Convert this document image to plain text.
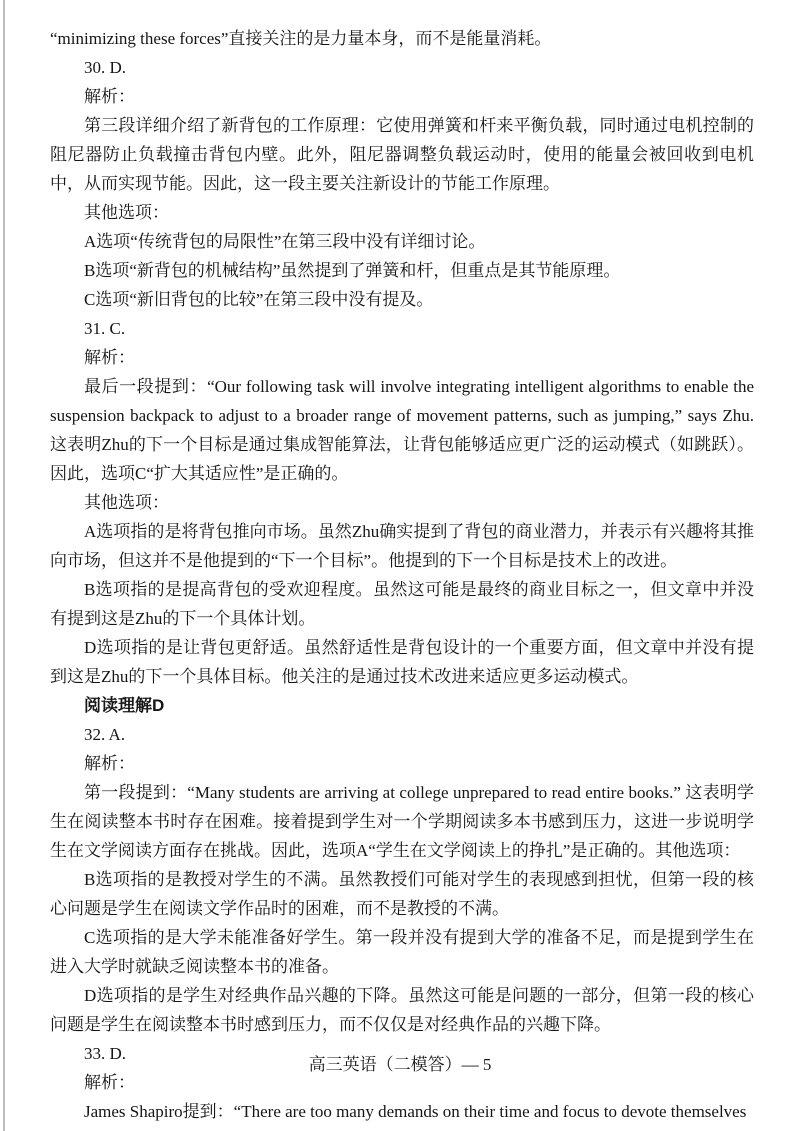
“minimizing these forces”直接关注的是力量本身，而不是能量消耗。

30. D.

解析：

第三段详细介绍了新背包的工作原理：它使用弹簧和杆来平衡负载，同时通过电机控制的阻尼器防止负载撞击背包内壁。此外，阻尼器调整负载运动时，使用的能量会被回收到电机中，从而实现节能。因此，这一段主要关注新设计的节能工作原理。

其他选项：

A选项“传统背包的局限性”在第三段中没有详细讨论。

B选项“新背包的机械结构”虽然提到了弹簧和杆，但重点是其节能原理。

C选项“新旧背包的比较”在第三段中没有提及。

31. C.

解析：

最后一段提到：“Our following task will involve integrating intelligent algorithms to enable the suspension backpack to adjust to a broader range of movement patterns, such as jumping,” says Zhu. 这表明Zhu的下一个目标是通过集成智能算法，让背包能够适应更广泛的运动模式（如跳跃）。因此，选项C“扩大其适应性”是正确的。

其他选项：

A选项指的是将背包推向市场。虽然Zhu确实提到了背包的商业潜力，并表示有兴趣将其推向市场，但这并不是他提到的“下一个目标”。他提到的下一个目标是技术上的改进。

B选项指的是提高背包的受欢迎程度。虽然这可能是最终的商业目标之一，但文章中并没有提到这是Zhu的下一个具体计划。

D选项指的是让背包更舒适。虽然舒适性是背包设计的一个重要方面，但文章中并没有提到这是Zhu的下一个具体目标。他关注的是通过技术改进来适应更多运动模式。

阅读理解D

32. A.

解析：

第一段提到：“Many students are arriving at college unprepared to read entire books.” 这表明学生在阅读整本书时存在困难。接着提到学生对一个学期阅读多本书感到压力，这进一步说明学生在文学阅读方面存在挑战。因此，选项A“学生在文学阅读上的挣扎”是正确的。其他选项：

B选项指的是教授对学生的不满。虽然教授们可能对学生的表现感到担忧，但第一段的核心问题是学生在阅读文学作品时的困难，而不是教授的不满。

C选项指的是大学未能准备好学生。第一段并没有提到大学的准备不足，而是提到学生在进入大学时就缺乏阅读整本书的准备。

D选项指的是学生对经典作品兴趣的下降。虽然这可能是问题的一部分，但第一段的核心问题是学生在阅读整本书时感到压力，而不仅仅是对经典作品的兴趣下降。

33. D.

解析：

James Shapiro提到：“There are too many demands on their time and focus to devote themselves

高三英语（二模答）— 5
